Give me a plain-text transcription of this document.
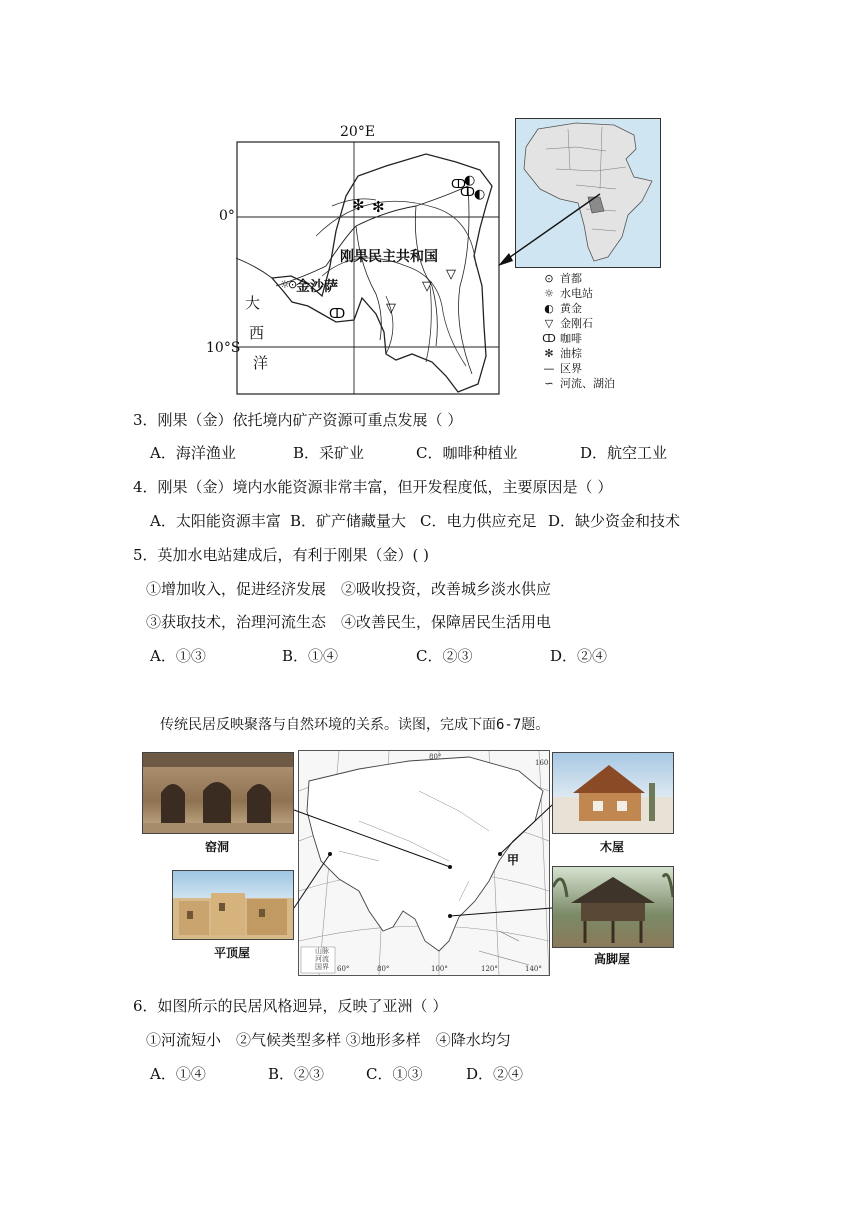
✻ ✻
ↀ
◐
◐
ↀ
ↀ
▽
▽
▽
☼
⊙
20°E
0°
10°S
刚果民主共和国
金沙萨
大
西
洋
⊙ 首都
☼ 水电站
◐ 黄金
▽ 金刚石
ↀ 咖啡
✻ 油棕
— 区界
∽ 河流、湖泊
3．刚果（金）依托境内矿产资源可重点发展（ ）
A．海洋渔业	B．采矿业	C．咖啡种植业	D．航空工业
4．刚果（金）境内水能资源非常丰富，但开发程度低，主要原因是（ ）
A．太阳能资源丰富 B．矿产储藏量大 C．电力供应充足 D．缺少资金和技术
5．英加水电站建成后，有利于刚果（金）( )
①增加收入，促进经济发展　②吸收投资，改善城乡淡水供应
③获取技术，治理河流生态　④改善民生，保障居民生活用电
A．①③	B．①④	C．②③	D．②④
传统民居反映聚落与自然环境的关系。读图，完成下面6-7题。
山脉
河流
国界 60°	80°	100°	120°	140°
80°
160
甲
窑洞
平顶屋
木屋
高脚屋
6．如图所示的民居风格迥异，反映了亚洲（ ）
①河流短小　②气候类型多样 ③地形多样　④降水均匀
A．①④	B．②③	C．①③	D．②④
